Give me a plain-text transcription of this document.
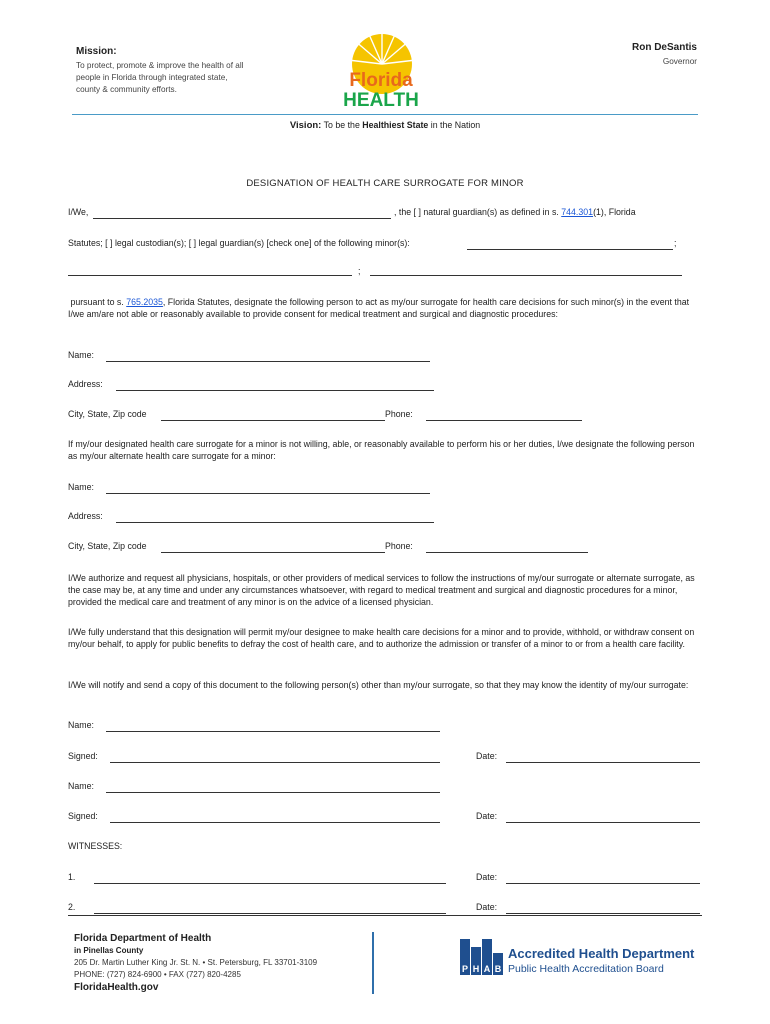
Mission:
To protect, promote & improve the health of all people in Florida through integrated state, county & community efforts.	Florida
HEALTH
Ron DeSantis
Governor
Vision: To be the Healthiest State in the Nation
DESIGNATION OF HEALTH CARE SURROGATE FOR MINOR
I/We,	, the [ ] natural guardian(s) as defined in s. 744.301(1), Florida
Statutes; [ ] legal custodian(s); [ ] legal guardian(s) [check one] of the following minor(s):	;
;
pursuant to s. 765.2035, Florida Statutes, designate the following person to act as my/our surrogate for health care decisions for such minor(s) in the event that I/we am/are not able or reasonably available to provide consent for medical treatment and surgical and diagnostic procedures:
Name:
Address:
City, State, Zip code	Phone:
If my/our designated health care surrogate for a minor is not willing, able, or reasonably available to perform his or her duties, I/we designate the following person as my/our alternate health care surrogate for a minor:
Name:
Address:
City, State, Zip code	Phone:
I/We authorize and request all physicians, hospitals, or other providers of medical services to follow the instructions of my/our surrogate or alternate surrogate, as the case may be, at any time and under any circumstances whatsoever, with regard to medical treatment and surgical and diagnostic procedures for a minor, provided the medical care and treatment of any minor is on the advice of a licensed physician.
I/We fully understand that this designation will permit my/our designee to make health care decisions for a minor and to provide, withhold, or withdraw consent on my/our behalf, to apply for public benefits to defray the cost of health care, and to authorize the admission or transfer of a minor to or from a health care facility.
I/We will notify and send a copy of this document to the following person(s) other than my/our surrogate, so that they may know the identity of my/our surrogate:
Name:
Signed:	Date:
Name:
Signed:	Date:
WITNESSES:
1.	Date:
2.	Date:
Florida Department of Health
in Pinellas County
205 Dr. Martin Luther King Jr. St. N. • St. Petersburg, FL 33701-3109
PHONE: (727) 824-6900 • FAX (727) 820-4285
FloridaHealth.gov
P H A B
Accredited Health Department
Public Health Accreditation Board
